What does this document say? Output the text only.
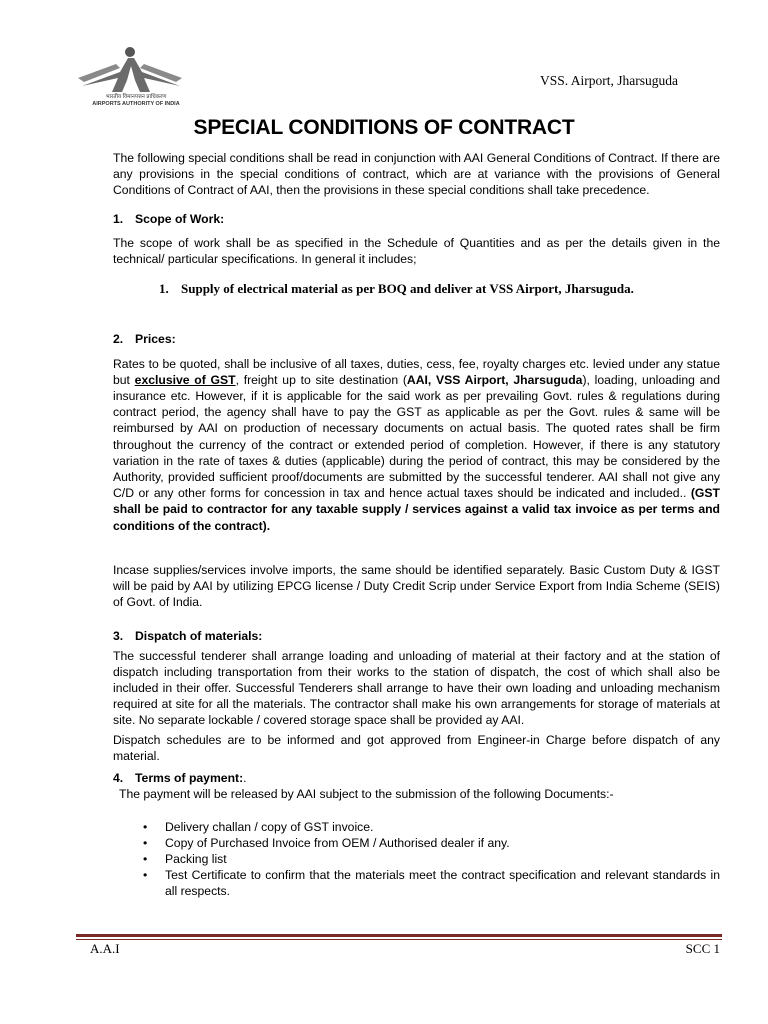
भारतीय विमानपत्तन प्राधिकरण
AIRPORTS AUTHORITY OF INDIA
VSS. Airport, Jharsuguda
SPECIAL CONDITIONS OF CONTRACT

The following special conditions shall be read in conjunction with AAI General Conditions of Contract. If there are any provisions in the special conditions of contract, which are at variance with the provisions of General Conditions of Contract of AAI, then the provisions in these special conditions shall take precedence.

1. Scope of Work:

The scope of work shall be as specified in the Schedule of Quantities and as per the details given in the technical/ particular specifications. In general it includes;

1. Supply of electrical material as per BOQ and deliver at VSS Airport, Jharsuguda.
2. Prices:

Rates to be quoted, shall be inclusive of all taxes, duties, cess, fee, royalty charges etc. levied under any statue but exclusive of GST, freight up to site destination (AAI, VSS Airport, Jharsuguda), loading, unloading and insurance etc. However, if it is applicable for the said work as per prevailing Govt. rules & regulations during contract period, the agency shall have to pay the GST as applicable as per the Govt. rules & same will be reimbursed by AAI on production of necessary documents on actual basis. The quoted rates shall be firm throughout the currency of the contract or extended period of completion. However, if there is any statutory variation in the rate of taxes & duties (applicable) during the period of contract, this may be considered by the Authority, provided sufficient proof/documents are submitted by the successful tenderer. AAI shall not give any C/D or any other forms for concession in tax and hence actual taxes should be indicated and included.. (GST shall be paid to contractor for any taxable supply / services against a valid tax invoice as per terms and conditions of the contract).

Incase supplies/services involve imports, the same should be identified separately. Basic Custom Duty & IGST will be paid by AAI by utilizing EPCG license / Duty Credit Scrip under Service Export from India Scheme (SEIS) of Govt. of India.

3. Dispatch of materials:

The successful tenderer shall arrange loading and unloading of material at their factory and at the station of dispatch including transportation from their works to the station of dispatch, the cost of which shall also be included in their offer. Successful Tenderers shall arrange to have their own loading and unloading mechanism required at site for all the materials. The contractor shall make his own arrangements for storage of materials at site. No separate lockable / covered storage space shall be provided ay AAI.

Dispatch schedules are to be informed and got approved from Engineer-in Charge before dispatch of any material.

4. Terms of payment:.

The payment will be released by AAI subject to the submission of the following Documents:-

• Delivery challan / copy of GST invoice.
• Copy of Purchased Invoice from OEM / Authorised dealer if any.
• Packing list
• Test Certificate to confirm that the materials meet the contract specification and relevant standards in all respects.
A.A.I	SCC 1
